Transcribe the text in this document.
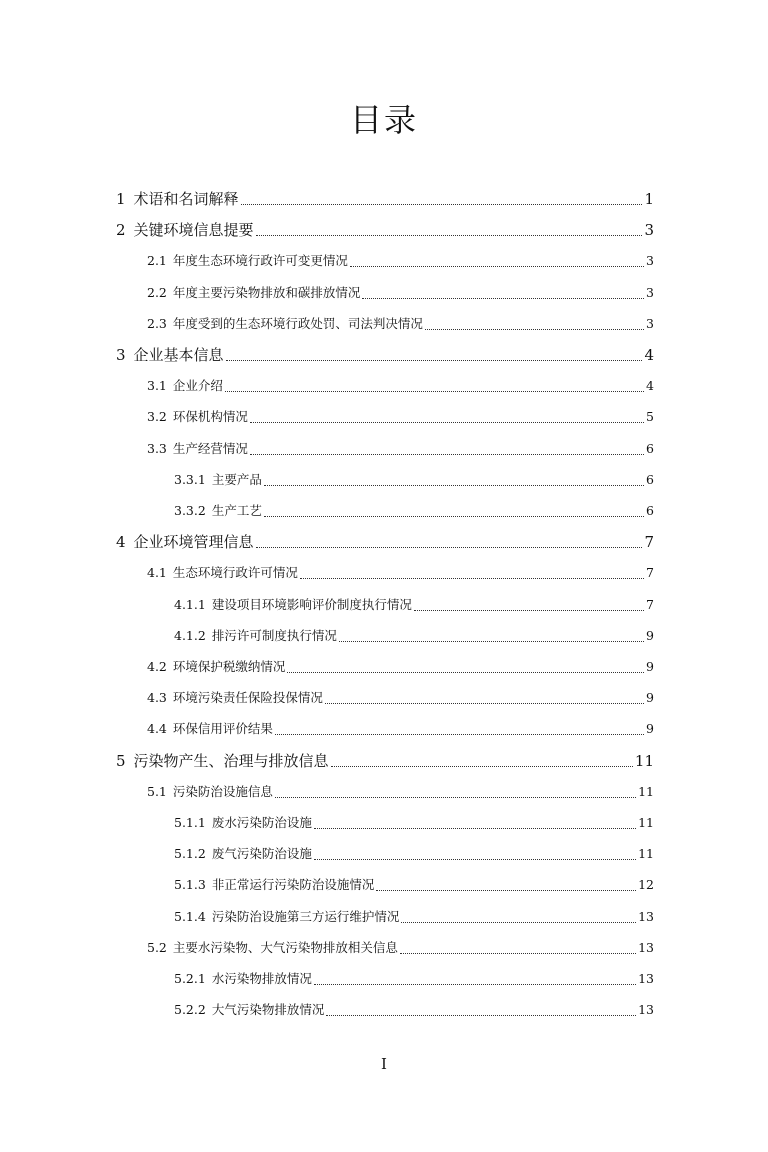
目录
1 术语和名词解释	1
2 关键环境信息提要	3
2.1 年度生态环境行政许可变更情况	3
2.2 年度主要污染物排放和碳排放情况	3
2.3 年度受到的生态环境行政处罚、司法判决情况	3
3 企业基本信息	4
3.1 企业介绍	4
3.2 环保机构情况	5
3.3 生产经营情况	6
3.3.1 主要产品	6
3.3.2 生产工艺	6
4 企业环境管理信息	7
4.1 生态环境行政许可情况	7
4.1.1 建设项目环境影响评价制度执行情况	7
4.1.2 排污许可制度执行情况	9
4.2 环境保护税缴纳情况	9
4.3 环境污染责任保险投保情况	9
4.4 环保信用评价结果	9
5 污染物产生、治理与排放信息	11
5.1 污染防治设施信息	11
5.1.1 废水污染防治设施	11
5.1.2 废气污染防治设施	11
5.1.3 非正常运行污染防治设施情况	12
5.1.4 污染防治设施第三方运行维护情况	13
5.2 主要水污染物、大气污染物排放相关信息	13
5.2.1 水污染物排放情况	13
5.2.2 大气污染物排放情况	13
I
